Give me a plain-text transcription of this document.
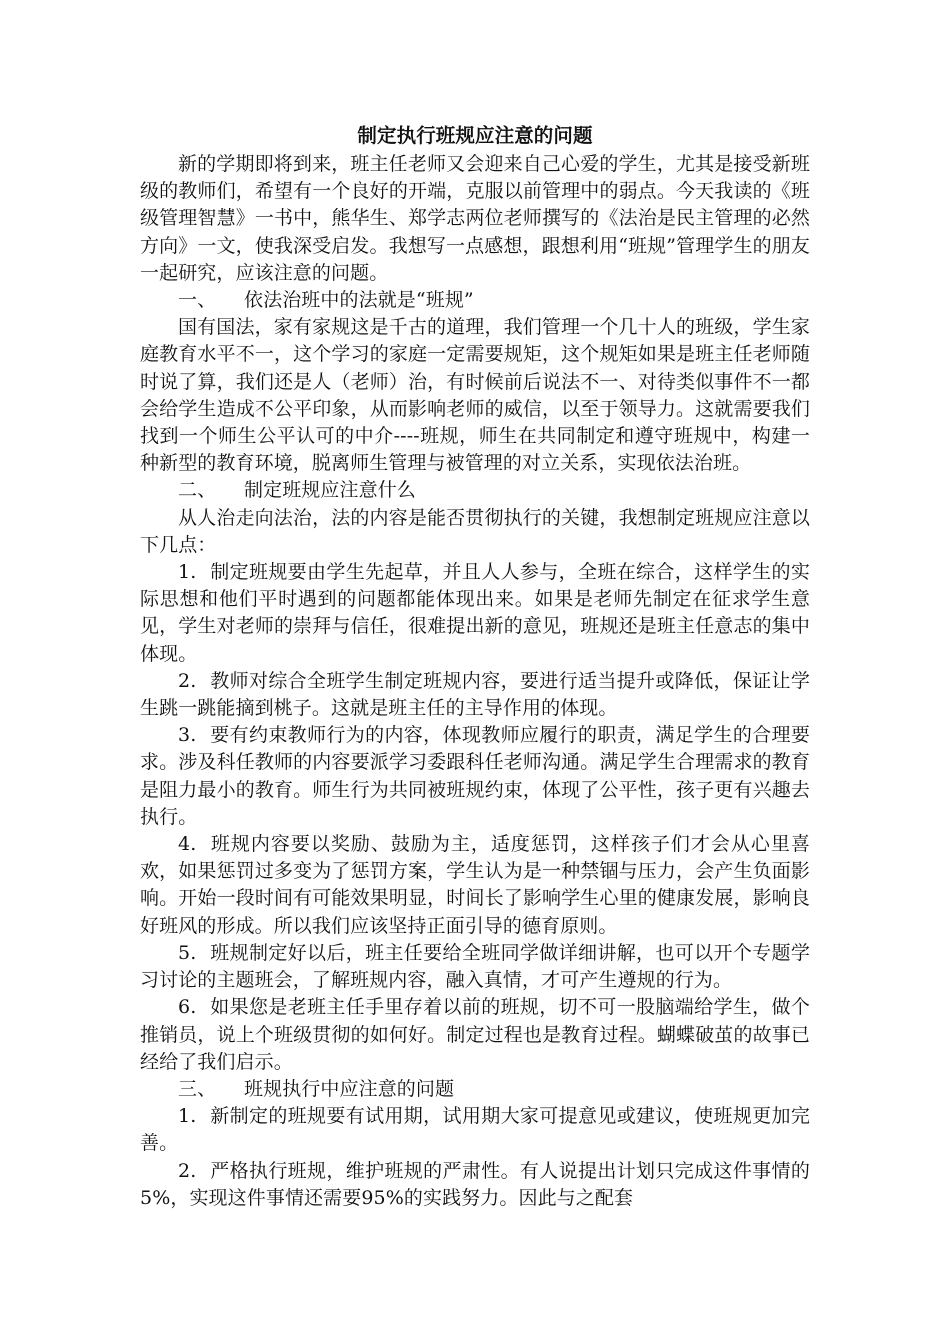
制定执行班规应注意的问题

新的学期即将到来，班主任老师又会迎来自己心爱的学生，尤其是接受新班级的教师们，希望有一个良好的开端，克服以前管理中的弱点。今天我读的《班级管理智慧》一书中，熊华生、郑学志两位老师撰写的《法治是民主管理的必然方向》一文，使我深受启发。我想写一点感想，跟想利用“班规”管理学生的朋友一起研究，应该注意的问题。

一、 依法治班中的法就是“班规”

国有国法，家有家规这是千古的道理，我们管理一个几十人的班级，学生家庭教育水平不一，这个学习的家庭一定需要规矩，这个规矩如果是班主任老师随时说了算，我们还是人（老师）治，有时候前后说法不一、对待类似事件不一都会给学生造成不公平印象，从而影响老师的威信，以至于领导力。这就需要我们找到一个师生公平认可的中介----班规，师生在共同制定和遵守班规中，构建一种新型的教育环境，脱离师生管理与被管理的对立关系，实现依法治班。

二、 制定班规应注意什么

从人治走向法治，法的内容是能否贯彻执行的关键，我想制定班规应注意以下几点：

1. 制定班规要由学生先起草，并且人人参与，全班在综合，这样学生的实际思想和他们平时遇到的问题都能体现出来。如果是老师先制定在征求学生意见，学生对老师的崇拜与信任，很难提出新的意见，班规还是班主任意志的集中体现。

2. 教师对综合全班学生制定班规内容，要进行适当提升或降低，保证让学生跳一跳能摘到桃子。这就是班主任的主导作用的体现。

3. 要有约束教师行为的内容，体现教师应履行的职责，满足学生的合理要求。涉及科任教师的内容要派学习委跟科任老师沟通。满足学生合理需求的教育是阻力最小的教育。师生行为共同被班规约束，体现了公平性，孩子更有兴趣去执行。

4. 班规内容要以奖励、鼓励为主，适度惩罚，这样孩子们才会从心里喜欢，如果惩罚过多变为了惩罚方案，学生认为是一种禁锢与压力，会产生负面影响。开始一段时间有可能效果明显，时间长了影响学生心里的健康发展，影响良好班风的形成。所以我们应该坚持正面引导的德育原则。

5. 班规制定好以后，班主任要给全班同学做详细讲解，也可以开个专题学习讨论的主题班会，了解班规内容，融入真情，才可产生遵规的行为。

6. 如果您是老班主任手里存着以前的班规，切不可一股脑端给学生，做个推销员，说上个班级贯彻的如何好。制定过程也是教育过程。蝴蝶破茧的故事已经给了我们启示。

三、 班规执行中应注意的问题

1. 新制定的班规要有试用期，试用期大家可提意见或建议，使班规更加完善。

2. 严格执行班规，维护班规的严肃性。有人说提出计划只完成这件事情的5%，实现这件事情还需要95%的实践努力。因此与之配套
